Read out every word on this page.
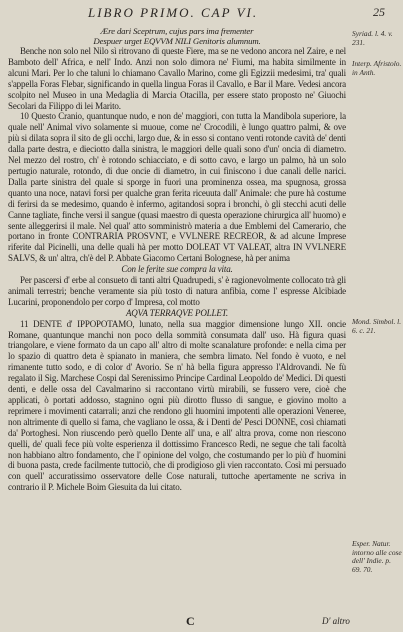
LIBRO PRIMO. CAP VI.	25

Ære dari Sceptrum, cujus pars ima frementer

Despuer urget EQVVM NILI Genitoris alumnum.

Benche non solo nel Nilo sì ritrovano di queste Fiere, ma se ne vedono ancora nel Zaire, e nel Bamboto dell' Africa, e nell' Indo. Anzi non solo dimora ne' Fiumi, ma habita similmente in alcuni Mari. Per lo che taluni lo chiamano Cavallo Marino, come gli Egizzii medesimi, tra' quali s'appella Foras Flebar, significando in quella lingua Foras il Cavallo, e Bar il Mare. Vedesi ancora scolpito nel Museo in una Medaglia di Marcia Otacilla, per essere stato proposto ne' Giuochi Secolari da Filippo di lei Marito.

10 Questo Cranio, quantunque nudo, e non de' maggiori, con tutta la Mandibola superiore, la quale nell' Animal vivo solamente si muoue, come ne' Crocodili, è lungo quattro palmi, & ove più si dilata sopra il sito de gli occhi, largo due, & in esso si contano venti rotonde cavità de' denti dalla parte destra, e dieciotto dalla sinistra, le maggiori delle quali sono d'un' oncia di diametro. Nel mezzo del rostro, ch' è rotondo schiacciato, e di sotto cavo, e largo un palmo, hà un solo pertugio naturale, rotondo, di due oncie di diametro, in cui finiscono i due canali delle narici. Dalla parte sinistra del quale si sporge in fuori una prominenza ossea, ma spugnosa, grossa quanto una noce, natavi forsi per qualche gran ferita riceuuta dall' Animale: che pure hà costume di ferirsi da se medesimo, quando è infermo, agitandosi sopra i bronchi, ò gli stecchi acuti delle Canne tagliate, finche versi il sangue (quasi maestro di questa operazione chirurgica all' huomo) e sente alleggerirsi il male. Nel qual' atto somministrò materia a due Emblemi del Camerario, che portano in fronte CONTRARIA PROSVNT, e VVLNERE RECREOR, & ad alcune Imprese riferite dal Picinelli, una delle quali hà per motto DOLEAT VT VALEAT, altra IN VVLNERE SALVS, & un' altra, ch'è del P. Abbate Giacomo Certani Bolognese, hà per anima

Con le ferite sue compra la vita.

Per pascersi d' erbe al consueto di tanti altri Quadrupedi, s' è ragionevolmente collocato trà gli animali terrestri; benche veramente sia più tosto di natura anfibia, come l' espresse Alcibiade Lucarini, proponendolo per corpo d' Impresa, col motto

AQVA TERRAQVE POLLET.

11 DENTE d' IPPOPOTAMO, lunato, nella sua maggior dimensione lungo XII. oncie Romane, quantunque manchi non poco della sommità consumata dall' uso. Hà figura quasi triangolare, e viene formato da un capo all' altro di molte scanalature profonde: e nella cima per lo spazio di quattro deta è spianato in maniera, che sembra limato. Nel fondo è vuoto, e nel rimanente tutto sodo, e di color d' Avorio. Se n' hà bella figura appresso l'Aldrovandi. Ne fù regalato il Sig. Marchese Cospi dal Serenissimo Principe Cardinal Leopoldo de' Medici. Di questi denti, e delle ossa del Cavalmarino si raccontano virtù mirabili, se fussero vere, cioè che applicati, ò portati addosso, stagnino ogni più dirotto flusso di sangue, e giovino molto a reprimere i movimenti catarrali; anzi che rendono gli huomini impotenti alle operazioni Veneree, non altrimente di quello si fama, che vagliano le ossa, & i Denti de' Pesci DONNE, così chiamati da' Portoghesi. Non riuscendo però quello Dente all' una, e all' altra prova, come non riescono quelli, de' quali fece più volte esperienza il dottissimo Francesco Redi, ne segue che tali facoltà non habbiano altro fondamento, che l' opinione del volgo, che costumando per lo più d' huomini di buona pasta, crede facilmente tuttociò, che di prodigioso gli vien raccontato. Così mi persuado con quell' accuratissimo osservatore delle Cose naturali, tuttoche apertamente ne scriva in contrario il P. Michele Boim Giesuita da lui citato.

Syriad. l. 4. v. 231.
Interp. Afristolo. in Anth.
Mond. Simbol. l. 6. c. 21.
Esper. Natur. intorno alle cose dell' Indie. p. 69. 70.
C	D' altro
